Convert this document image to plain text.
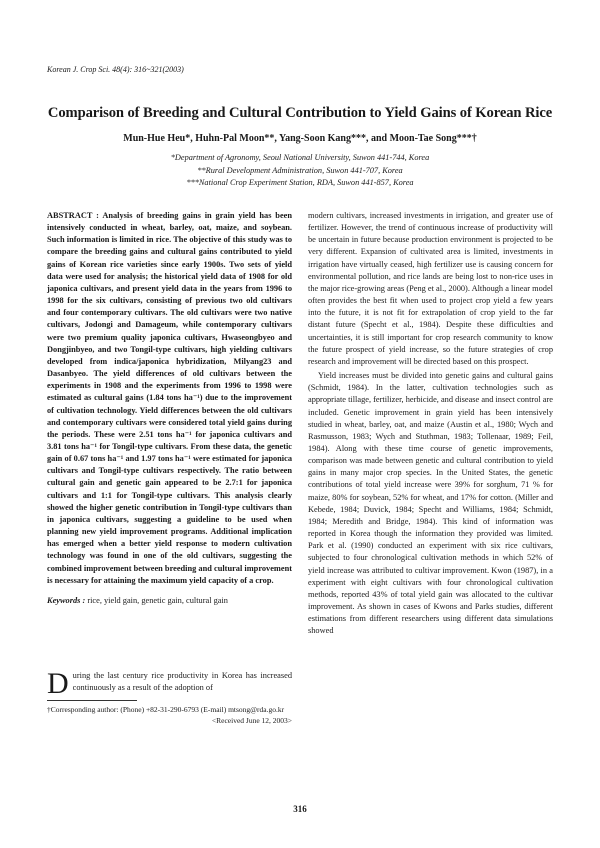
Korean J. Crop Sci. 48(4): 316~321(2003)
Comparison of Breeding and Cultural Contribution to Yield Gains of Korean Rice

Mun-Hue Heu*, Huhn-Pal Moon**, Yang-Soon Kang***, and Moon-Tae Song***†

*Department of Agronomy, Seoul National University, Suwon 441-744, Korea
**Rural Development Administration, Suwon 441-707, Korea
***National Crop Experiment Station, RDA, Suwon 441-857, Korea

ABSTRACT : Analysis of breeding gains in grain yield has been intensively conducted in wheat, barley, oat, maize, and soybean. Such information is limited in rice. The objective of this study was to compare the breeding gains and cultural gains contributed to yield gains of Korean rice varieties since early 1900s. Two sets of yield data were used for analysis; the historical yield data of 1908 for old japonica cultivars, and present yield data in the years from 1996 to 1998 for the six cultivars, consisting of previous two old cultivars and four contemporary cultivars. The old cultivars were two native cultivars, Jodongi and Damageum, while contemporary cultivars were two premium quality japonica cultivars, Hwaseongbyeo and Dongjinbyeo, and two Tongil-type cultivars, high yielding cultivars developed from indica/japonica hybridization, Milyang23 and Dasanbyeo. The yield differences of old cultivars between the experiments in 1908 and the experiments from 1996 to 1998 were estimated as cultural gains (1.84 tons ha⁻¹) due to the improvement of cultivation technology. Yield differences between the old cultivars and contemporary cultivars were considered total yield gains during the periods. These were 2.51 tons ha⁻¹ for japonica cultivars and 3.81 tons ha⁻¹ for Tongil-type cultivars. From these data, the genetic gain of 0.67 tons ha⁻¹ and 1.97 tons ha⁻¹ were estimated for japonica cultivars and Tongil-type cultivars respectively. The ratio between cultural gain and genetic gain appeared to be 2.7:1 for japonica cultivars and 1:1 for Tongil-type cultivars. This analysis clearly showed the higher genetic contribution in Tongil-type cultivars than in japonica cultivars, suggesting a guideline to be used when planning new yield improvement programs. Additional implication has emerged when a better yield response to modern cultivation technology was found in one of the old cultivars, suggesting the combined improvement between breeding and cultural improvement is necessary for attaining the maximum yield capacity of a crop.

Keywords : rice, yield gain, genetic gain, cultural gain

During the last century rice productivity in Korea has increased continuously as a result of the adoption of

†Corresponding author: (Phone) +82-31-290-6793 (E-mail) mtsong@rda.go.kr
<Received June 12, 2003>

modern cultivars, increased investments in irrigation, and greater use of fertilizer. However, the trend of continuous increase of productivity will be uncertain in future because production environment is projected to be very different. Expansion of cultivated area is limited, investments in irrigation have virtually ceased, high fertilizer use is causing concern for environmental pollution, and rice lands are being lost to non-rice uses in the major rice-growing areas (Peng et al., 2000). Although a linear model often provides the best fit when used to project crop yield a few years into the future, it is not fit for extrapolation of crop yield to the far distant future (Specht et al., 1984). Despite these difficulties and uncertainties, it is still important for crop research community to know the future prospect of yield increase, so the future strategies of crop research and improvement will be directed based on this prospect.

Yield increases must be divided into genetic gains and cultural gains (Schmidt, 1984). In the latter, cultivation technologies such as appropriate tillage, fertilizer, herbicide, and disease and insect control are included. Genetic improvement in grain yield has been intensively studied in wheat, barley, oat, and maize (Austin et al., 1980; Wych and Rasmusson, 1983; Wych and Stuthman, 1983; Tollenaar, 1989; Feil, 1984). Along with these time course of genetic improvements, comparison was made between genetic and cultural contribution to yield gains in many major crop species. In the United States, the genetic contributions of total yield increase were 39% for sorghum, 71 % for maize, 80% for soybean, 52% for wheat, and 17% for cotton. (Miller and Kebede, 1984; Duvick, 1984; Specht and Williams, 1984; Schmidt, 1984; Meredith and Bridge, 1984). This kind of information was reported in Korea though the information they provided was limited. Park et al. (1990) conducted an experiment with six rice cultivars, subjected to four chronological cultivation methods in which 52% of yield increase was attributed to cultivar improvement. Kwon (1987), in a experiment with eight cultivars with four chronological cultivation methods, reported 43% of total yield gain was allocated to the cultivar improvement. As shown in cases of Kwons and Parks studies, different estimations from different researchers using different data simulations showed

316
